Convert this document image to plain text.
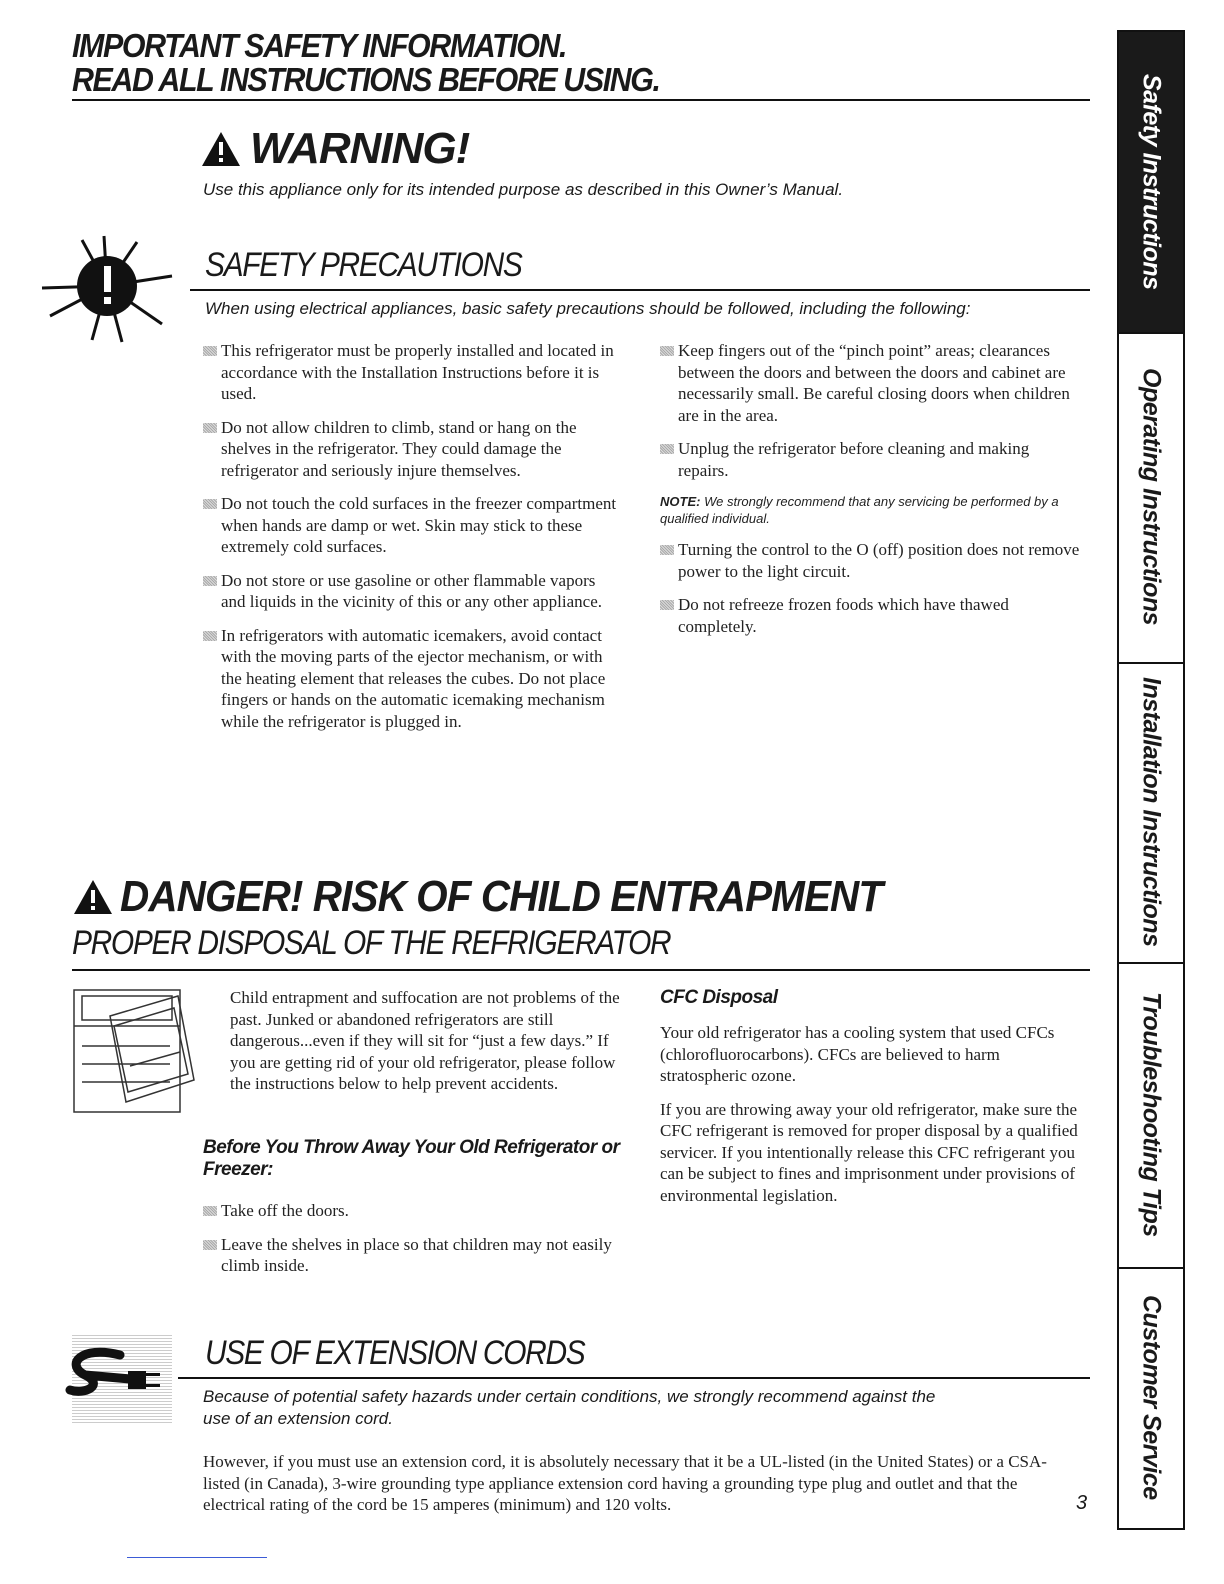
IMPORTANT SAFETY INFORMATION.
READ ALL INSTRUCTIONS BEFORE USING.
WARNING!
Use this appliance only for its intended purpose as described in this Owner’s Manual.
SAFETY PRECAUTIONS
When using electrical appliances, basic safety precautions should be followed, including the following:
This refrigerator must be properly installed and located in accordance with the Installation Instructions before it is used.
Do not allow children to climb, stand or hang on the shelves in the refrigerator. They could damage the refrigerator and seriously injure themselves.
Do not touch the cold surfaces in the freezer compartment when hands are damp or wet. Skin may stick to these extremely cold surfaces.
Do not store or use gasoline or other flammable vapors and liquids in the vicinity of this or any other appliance.
In refrigerators with automatic icemakers, avoid contact with the moving parts of the ejector mechanism, or with the heating element that releases the cubes. Do not place fingers or hands on the automatic icemaking mechanism while the refrigerator is plugged in.
Keep fingers out of the “pinch point” areas; clearances between the doors and between the doors and cabinet are necessarily small. Be careful closing doors when children are in the area.
Unplug the refrigerator before cleaning and making repairs.
NOTE: We strongly recommend that any servicing be performed by a qualified individual.
Turning the control to the O (off) position does not remove power to the light circuit.
Do not refreeze frozen foods which have thawed completely.
DANGER! RISK OF CHILD ENTRAPMENT
PROPER DISPOSAL OF THE REFRIGERATOR
Child entrapment and suffocation are not problems of the past. Junked or abandoned refrigerators are still dangerous...even if they will sit for “just a few days.” If you are getting rid of your old refrigerator, please follow the instructions below to help prevent accidents.
Before You Throw Away Your Old Refrigerator or Freezer:
Take off the doors.
Leave the shelves in place so that children may not easily climb inside.
CFC Disposal
Your old refrigerator has a cooling system that used CFCs (chlorofluorocarbons). CFCs are believed to harm stratospheric ozone.
If you are throwing away your old refrigerator, make sure the CFC refrigerant is removed for proper disposal by a qualified servicer. If you intentionally release this CFC refrigerant you can be subject to fines and imprisonment under provisions of environmental legislation.
USE OF EXTENSION CORDS
Because of potential safety hazards under certain conditions, we strongly recommend against the use of an extension cord.
However, if you must use an extension cord, it is absolutely necessary that it be a UL-listed (in the United States) or a CSA-listed (in Canada), 3-wire grounding type appliance extension cord having a grounding type plug and outlet and that the electrical rating of the cord be 15 amperes (minimum) and 120 volts.	3
Safety Instructions
Operating Instructions
Installation Instructions
Troubleshooting Tips
Customer Service
